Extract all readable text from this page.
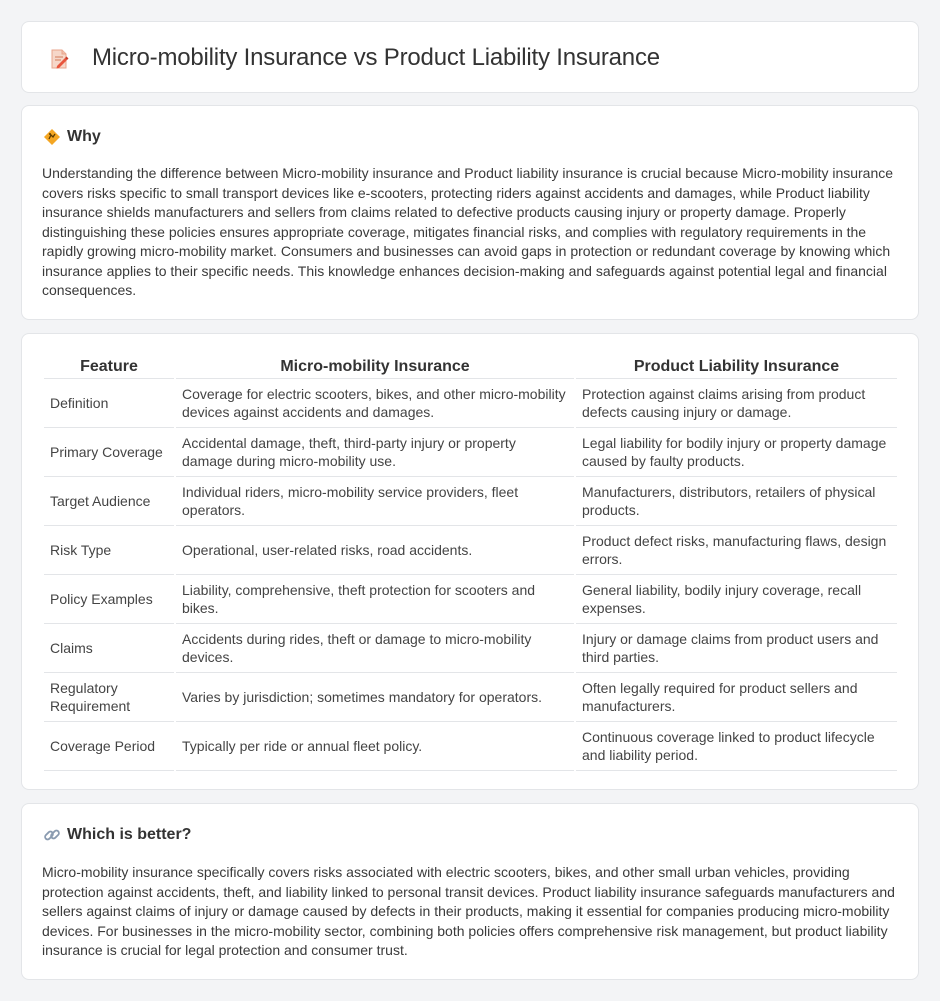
Micro-mobility Insurance vs Product Liability Insurance
Why

Understanding the difference between Micro-mobility insurance and Product liability insurance is crucial because Micro-mobility insurance covers risks specific to small transport devices like e-scooters, protecting riders against accidents and damages, while Product liability insurance shields manufacturers and sellers from claims related to defective products causing injury or property damage. Properly distinguishing these policies ensures appropriate coverage, mitigates financial risks, and complies with regulatory requirements in the rapidly growing micro-mobility market. Consumers and businesses can avoid gaps in protection or redundant coverage by knowing which insurance applies to their specific needs. This knowledge enhances decision-making and safeguards against potential legal and financial consequences.

Feature	Micro-mobility Insurance	Product Liability Insurance
Definition	Coverage for electric scooters, bikes, and other micro-mobility devices against accidents and damages.	Protection against claims arising from product defects causing injury or damage.
Primary Coverage	Accidental damage, theft, third-party injury or property damage during micro-mobility use.	Legal liability for bodily injury or property damage caused by faulty products.
Target Audience	Individual riders, micro-mobility service providers, fleet operators.	Manufacturers, distributors, retailers of physical products.
Risk Type	Operational, user-related risks, road accidents.	Product defect risks, manufacturing flaws, design errors.
Policy Examples	Liability, comprehensive, theft protection for scooters and bikes.	General liability, bodily injury coverage, recall expenses.
Claims	Accidents during rides, theft or damage to micro-mobility devices.	Injury or damage claims from product users and third parties.
Regulatory Requirement	Varies by jurisdiction; sometimes mandatory for operators.	Often legally required for product sellers and manufacturers.
Coverage Period	Typically per ride or annual fleet policy.	Continuous coverage linked to product lifecycle and liability period.
Which is better?

Micro-mobility insurance specifically covers risks associated with electric scooters, bikes, and other small urban vehicles, providing protection against accidents, theft, and liability linked to personal transit devices. Product liability insurance safeguards manufacturers and sellers against claims of injury or damage caused by defects in their products, making it essential for companies producing micro-mobility devices. For businesses in the micro-mobility sector, combining both policies offers comprehensive risk management, but product liability insurance is crucial for legal protection and consumer trust.
